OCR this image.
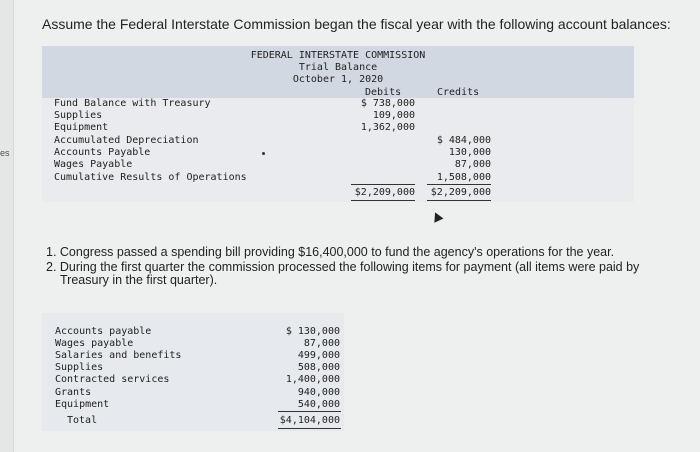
es
Assume the Federal Interstate Commission began the fiscal year with the following account balances:
FEDERAL INTERSTATE COMMISSION
Trial Balance
October 1, 2020
Debits	Credits
Fund Balance with Treasury
Supplies
Equipment
Accumulated Depreciation
Accounts Payable
Wages Payable
Cumulative Results of Operations
$ 738,000
109,000
1,362,000
$ 484,000
130,000
87,000
1,508,000
$2,209,000 $2,209,000
1. Congress passed a spending bill providing $16,400,000 to fund the agency's operations for the year.
2. During the first quarter the commission processed the following items for payment (all items were paid by
Treasury in the first quarter).
Accounts payable
Wages payable
Salaries and benefits
Supplies
Contracted services
Grants
Equipment
Total
$ 130,000
87,000
499,000
508,000
1,400,000
940,000
540,000
$4,104,000
